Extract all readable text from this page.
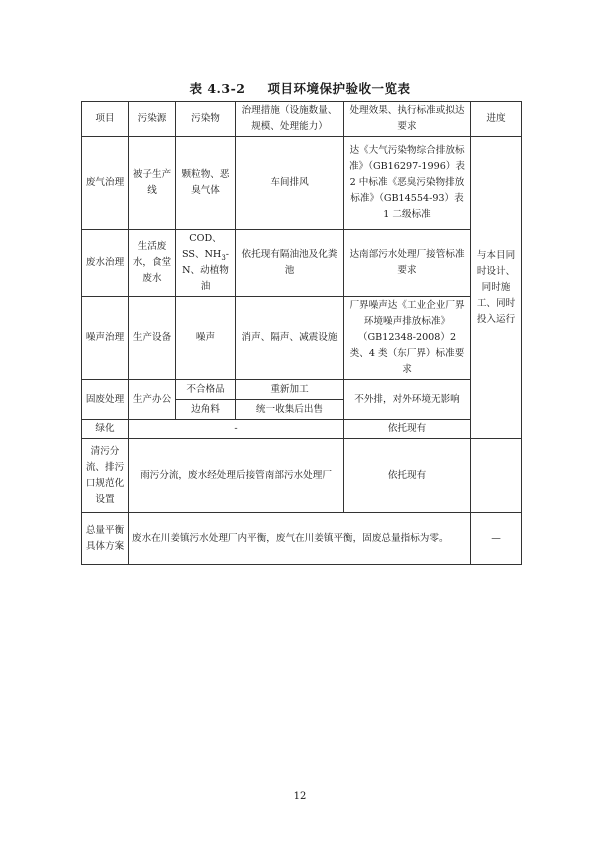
表 4.3-2 项目环境保护验收一览表
项目	污染源	污染物	治理措施（设施数量、规模、处理能力）	处理效果、执行标准或拟达要求	进度
废气治理	被子生产线	颗粒物、恶臭气体	车间排风	达《大气污染物综合排放标准》（GB16297-1996）表 2 中标准《恶臭污染物排放标准》（GB14554-93）表 1 二级标准	与本目同时设计、同时施工、同时投入运行
废水治理	生活废水，食堂废水	COD、SS、$NH_3-N$、动植物油	依托现有隔油池及化粪池	达南部污水处理厂接管标准要求	
噪声治理	生产设备	噪声	消声、隔声、减震设施	厂界噪声达《工业企业厂界环境噪声排放标准》（GB12348-2008）2 类、4 类（东厂界）标准要求	
固废处理	生产办公	不合格品	重新加工	不外排，对外环境无影响	
		边角料	统一收集后出售		
绿化	-			依托现有	
清污分流、排污口规范化设置	雨污分流，废水经处理后接管南部污水处理厂			依托现有	
总量平衡具体方案	废水在川姜镇污水处理厂内平衡，废气在川姜镇平衡，固废总量指标为零。				—
12
